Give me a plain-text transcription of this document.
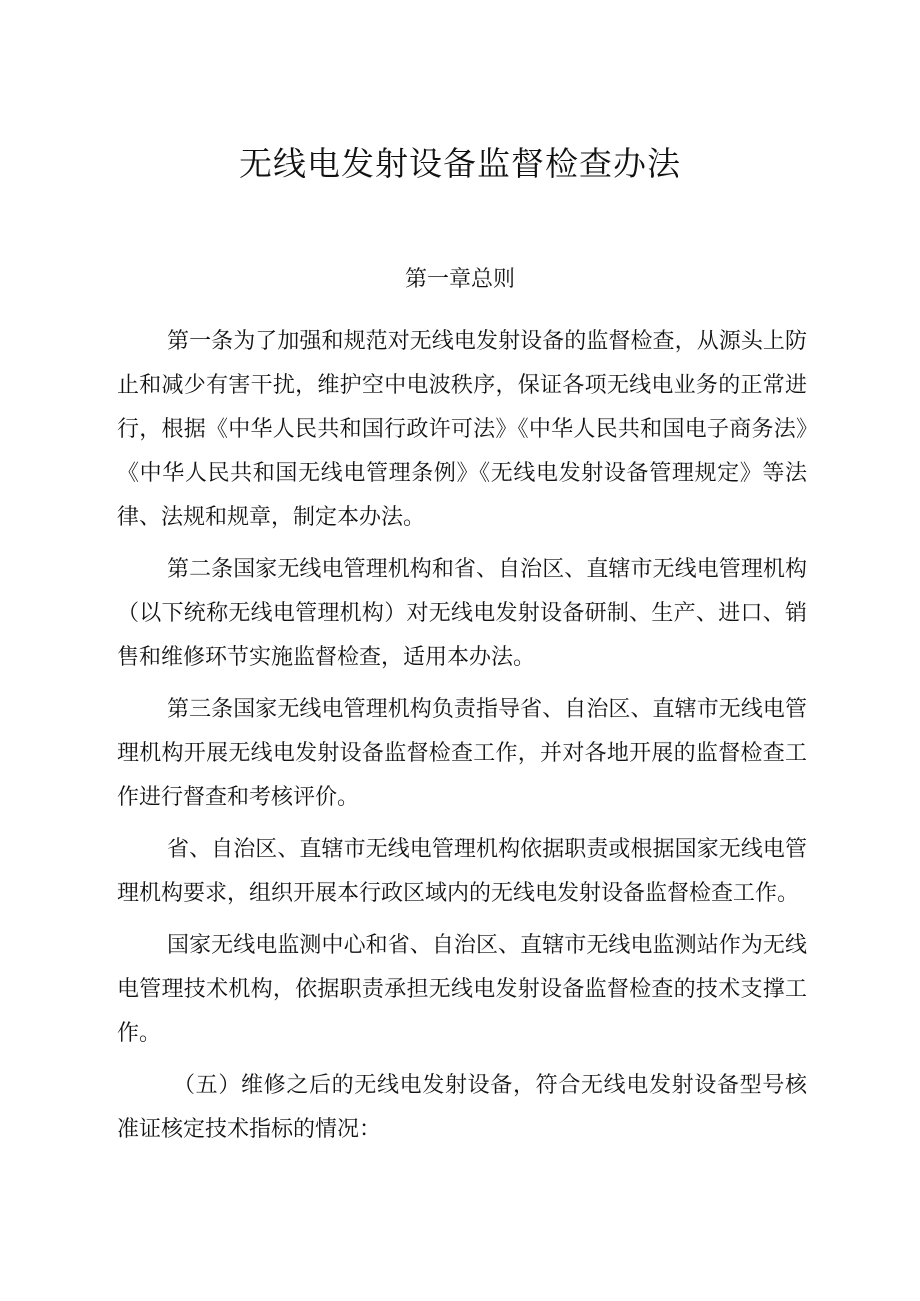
无线电发射设备监督检查办法
第一章总则

第一条为了加强和规范对无线电发射设备的监督检查，从源头上防止和减少有害干扰，维护空中电波秩序，保证各项无线电业务的正常进行，根据《中华人民共和国行政许可法》《中华人民共和国电子商务法》《中华人民共和国无线电管理条例》《无线电发射设备管理规定》等法律、法规和规章，制定本办法。

第二条国家无线电管理机构和省、自治区、直辖市无线电管理机构（以下统称无线电管理机构）对无线电发射设备研制、生产、进口、销售和维修环节实施监督检查，适用本办法。

第三条国家无线电管理机构负责指导省、自治区、直辖市无线电管理机构开展无线电发射设备监督检查工作，并对各地开展的监督检查工作进行督查和考核评价。

省、自治区、直辖市无线电管理机构依据职责或根据国家无线电管理机构要求，组织开展本行政区域内的无线电发射设备监督检查工作。

国家无线电监测中心和省、自治区、直辖市无线电监测站作为无线电管理技术机构，依据职责承担无线电发射设备监督检查的技术支撑工作。

（五）维修之后的无线电发射设备，符合无线电发射设备型号核准证核定技术指标的情况：
